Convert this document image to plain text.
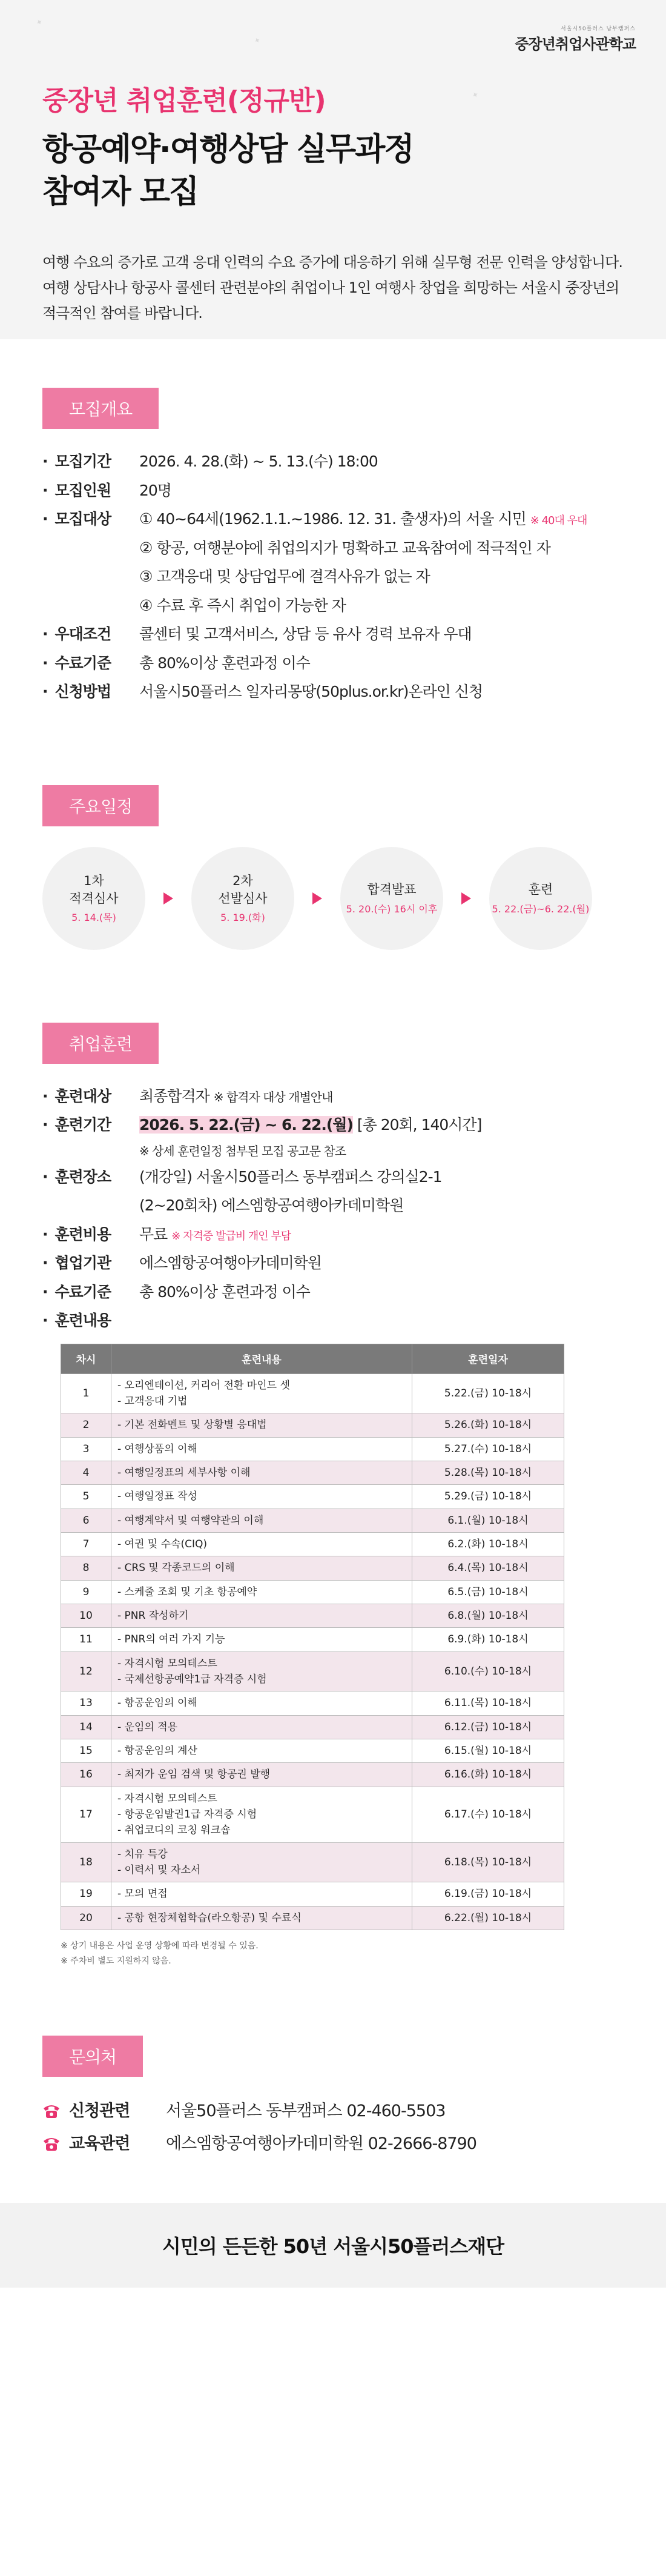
✦
✦
✦
서울시50플러스 남부캠퍼스
중장년취업사관학교
중장년 취업훈련(정규반)
항공예약·여행상담 실무과정
참여자 모집
여행 수요의 증가로 고객 응대 인력의 수요 증가에 대응하기 위해 실무형 전문 인력을 양성합니다. 여행 상담사나 항공사 콜센터 관련분야의 취업이나 1인 여행사 창업을 희망하는 서울시 중장년의 적극적인 참여를 바랍니다.
모집개요
· 모집기간	2026. 4. 28.(화) ~ 5. 13.(수) 18:00
· 모집인원	20명
· 모집대상	① 40~64세(1962.1.1.~1986. 12. 31. 출생자)의 서울 시민 ※ 40대 우대
② 항공, 여행분야에 취업의지가 명확하고 교육참여에 적극적인 자
③ 고객응대 및 상담업무에 결격사유가 없는 자
④ 수료 후 즉시 취업이 가능한 자
· 우대조건	콜센터 및 고객서비스, 상담 등 유사 경력 보유자 우대
· 수료기준	총 80%이상 훈련과정 이수
· 신청방법	서울시50플러스 일자리몽땅(50plus.or.kr)온라인 신청
주요일정
1차
적격심사
5. 14.(목)
2차
선발심사
5. 19.(화)
합격발표
5. 20.(수) 16시 이후
훈련
5. 22.(금)~6. 22.(월)
취업훈련
· 훈련대상	최종합격자 ※ 합격자 대상 개별안내
· 훈련기간	2026. 5. 22.(금) ~ 6. 22.(월) [총 20회, 140시간]
※ 상세 훈련일정 첨부된 모집 공고문 참조
· 훈련장소	(개강일) 서울시50플러스 동부캠퍼스 강의실2-1
(2~20회차) 에스엠항공여행아카데미학원
· 훈련비용	무료 ※ 자격증 발급비 개인 부담
· 협업기관	에스엠항공여행아카데미학원
· 수료기준	총 80%이상 훈련과정 이수
· 훈련내용
차시	훈련내용	훈련일자
1	- 오리엔테이션, 커리어 전환 마인드 셋
- 고객응대 기법	5.22.(금) 10-18시
2	- 기본 전화멘트 및 상황별 응대법	5.26.(화) 10-18시
3	- 여행상품의 이해	5.27.(수) 10-18시
4	- 여행일정표의 세부사항 이해	5.28.(목) 10-18시
5	- 여행일정표 작성	5.29.(금) 10-18시
6	- 여행계약서 및 여행약관의 이해	6.1.(월) 10-18시
7	- 여권 및 수속(CIQ)	6.2.(화) 10-18시
8	- CRS 및 각종코드의 이해	6.4.(목) 10-18시
9	- 스케줄 조회 및 기초 항공예약	6.5.(금) 10-18시
10	- PNR 작성하기	6.8.(월) 10-18시
11	- PNR의 여러 가지 기능	6.9.(화) 10-18시
12	- 자격시험 모의테스트
- 국제선항공예약1급 자격증 시험	6.10.(수) 10-18시
13	- 항공운임의 이해	6.11.(목) 10-18시
14	- 운임의 적용	6.12.(금) 10-18시
15	- 항공운임의 계산	6.15.(월) 10-18시
16	- 최저가 운임 검색 및 항공권 발행	6.16.(화) 10-18시
17	- 자격시험 모의테스트
- 항공운임발권1급 자격증 시험
- 취업코디의 코칭 워크숍	6.17.(수) 10-18시
18	- 치유 특강
- 이력서 및 자소서	6.18.(목) 10-18시
19	- 모의 면접	6.19.(금) 10-18시
20	- 공항 현장체험학습(라오항공) 및 수료식	6.22.(월) 10-18시
※ 상기 내용은 사업 운영 상황에 따라 변경될 수 있음.
※ 주차비 별도 지원하지 않음.
문의처
신청관련	서울50플러스 동부캠퍼스 02-460-5503
교육관련	에스엠항공여행아카데미학원 02-2666-8790
시민의 든든한 50년 서울시50플러스재단
